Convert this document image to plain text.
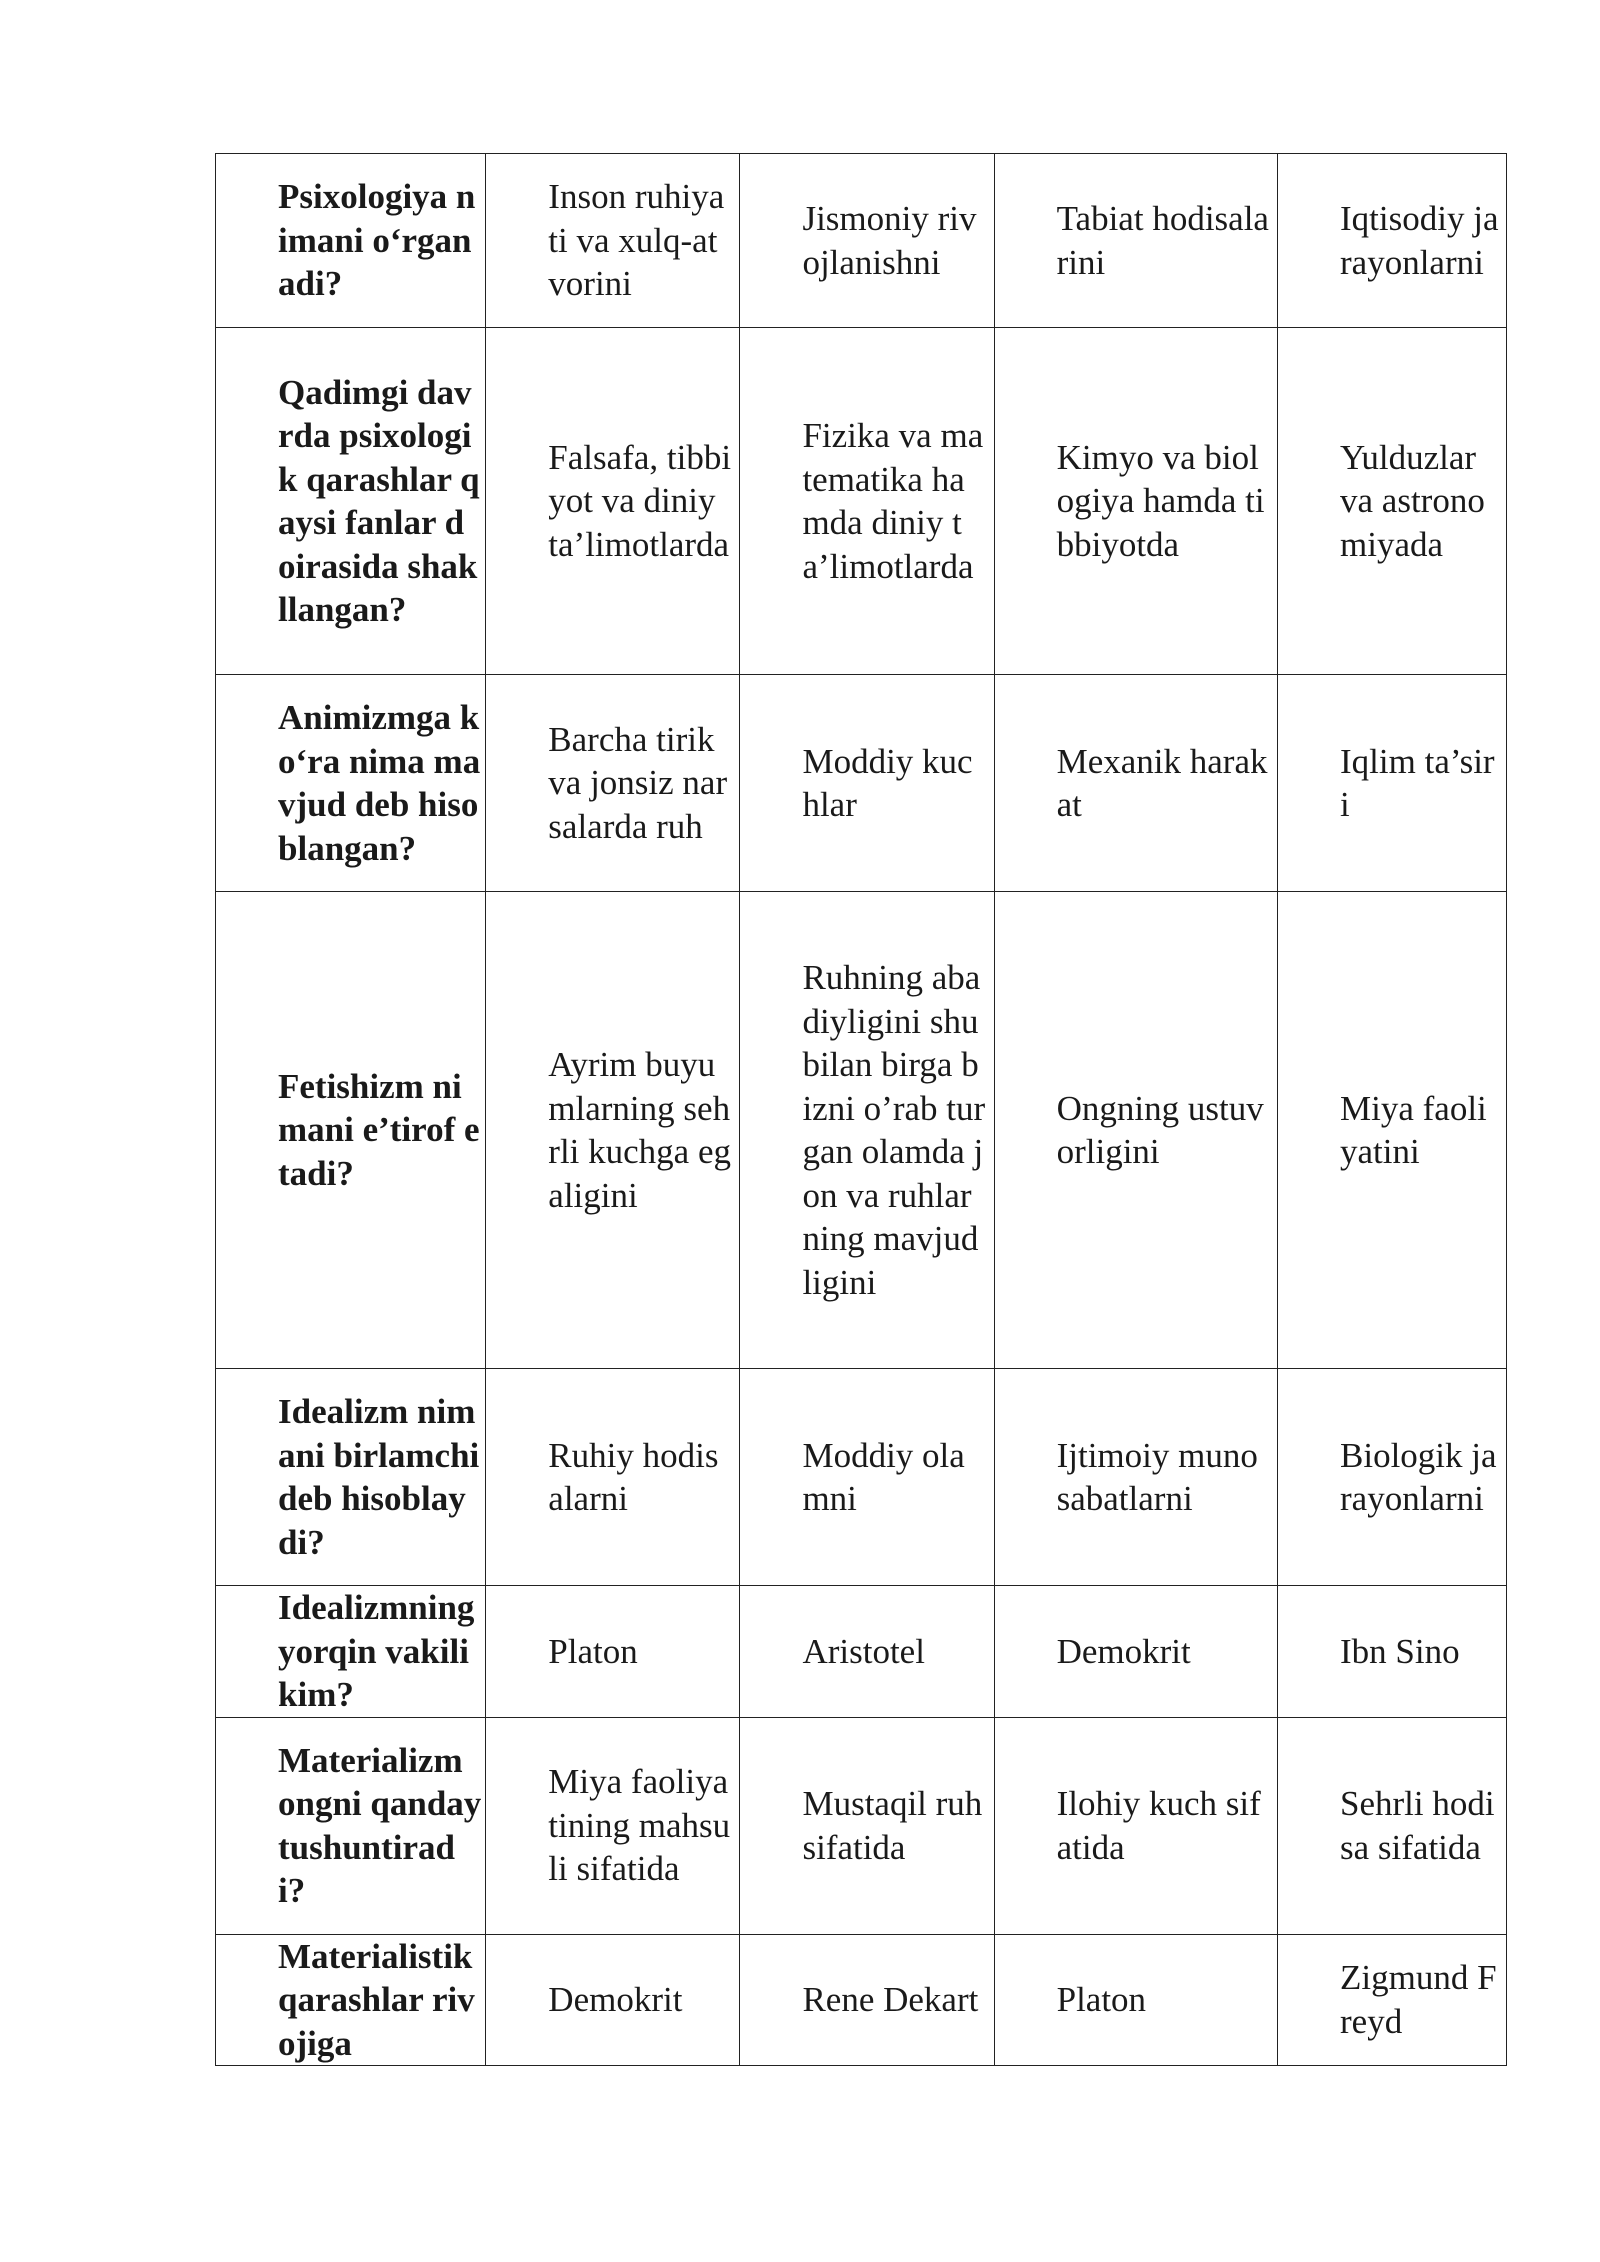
Psixologiya nimani o‘rganadi?	Inson ruhiyati va xulq-atvorini	Jismoniy rivojlanishni	Tabiat hodisalarini	Iqtisodiy jarayonlarni

Qadimgi davrda psixologik qarashlar qaysi fanlar doirasida shakllangan?	Falsafa, tibbiyot va diniy ta’limotlarda	Fizika va matematika hamda diniy ta’limotlarda	Kimyo va biologiya hamda tibbiyotda	Yulduzlar va astronomiyada

Animizmga ko‘ra nima mavjud deb hisoblangan?	Barcha tirik va jonsiz narsalarda ruh	Moddiy kuchlar	Mexanik harakat	Iqlim ta’siri

Fetishizm nimani e’tirof etadi?	Ayrim buyumlarning sehrli kuchga egaligini	Ruhning abadiyligini shu bilan birga bizni o’rab turgan olamda jon va ruhlarning mavjudligini	Ongning ustuvorligini	Miya faoliyatini

Idealizm nimani birlamchi deb hisoblaydi?	Ruhiy hodisalarni	Moddiy olamni	Ijtimoiy munosabatlarni	Biologik jarayonlarni

Idealizmning yorqin vakili kim?	Platon	Aristotel	Demokrit	Ibn Sino

Materializm ongni qanday tushuntiradi?	Miya faoliyatining mahsuli sifatida	Mustaqil ruh sifatida	Ilohiy kuch sifatida	Sehrli hodisa sifatida

Materialistik qarashlar rivojiga	Demokrit	Rene Dekart	Platon	Zigmund Freyd
